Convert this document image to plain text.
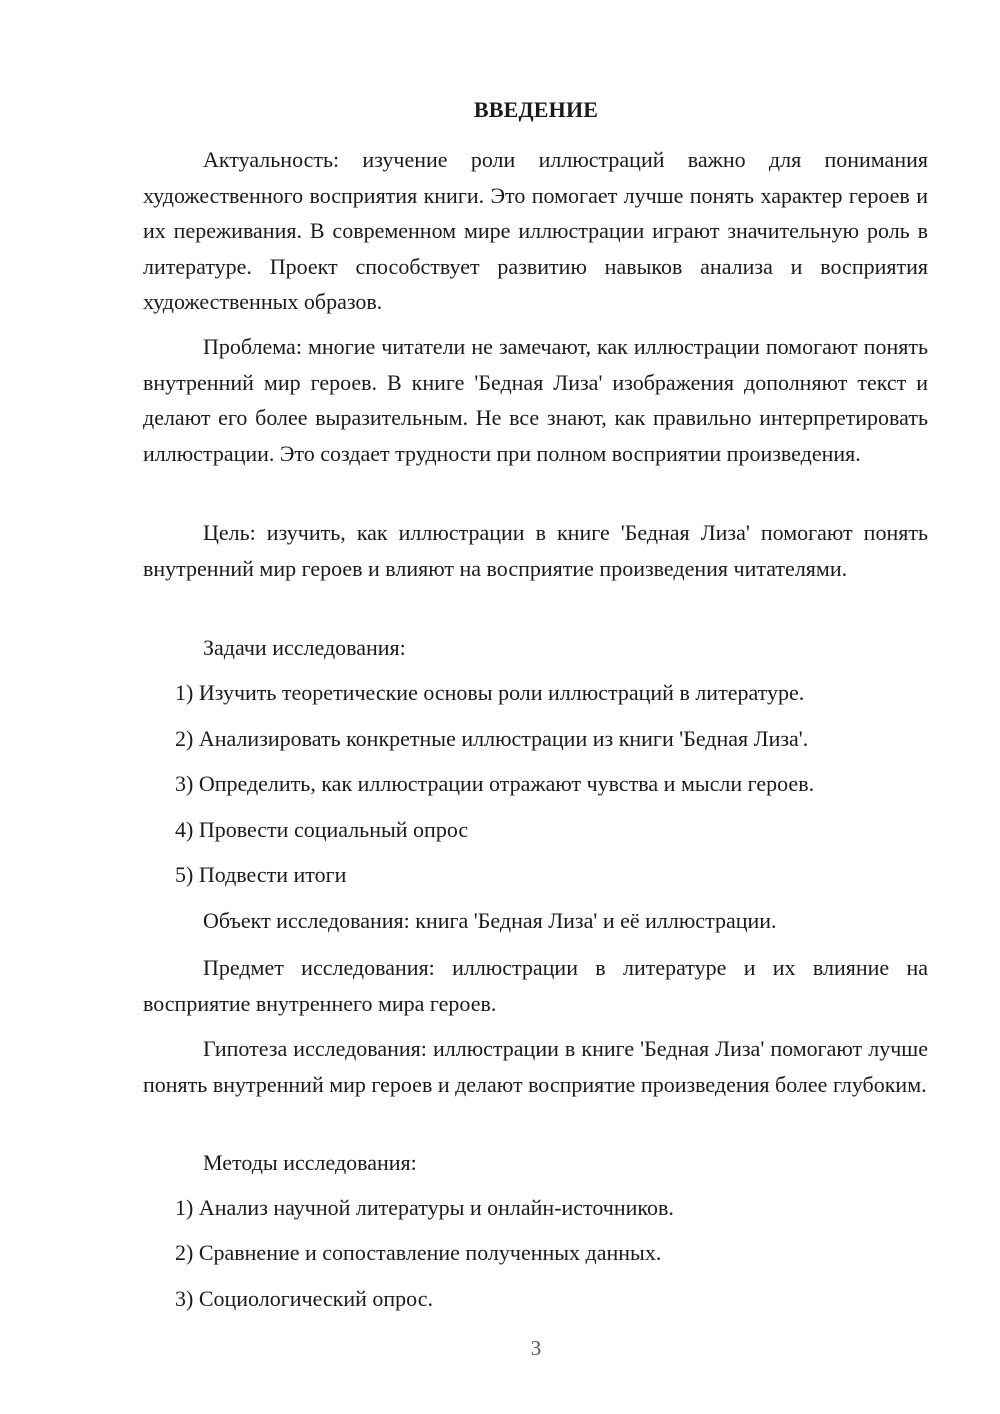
ВВЕДЕНИЕ

Актуальность: изучение роли иллюстраций важно для понимания художественного восприятия книги. Это помогает лучше понять характер героев и их переживания. В современном мире иллюстрации играют значительную роль в литературе. Проект способствует развитию навыков анализа и восприятия художественных образов.

Проблема: многие читатели не замечают, как иллюстрации помогают понять внутренний мир героев. В книге 'Бедная Лиза' изображения дополняют текст и делают его более выразительным. Не все знают, как правильно интерпретировать иллюстрации. Это создает трудности при полном восприятии произведения.

Цель: изучить, как иллюстрации в книге 'Бедная Лиза' помогают понять внутренний мир героев и влияют на восприятие произведения читателями.

Задачи исследования:
1) Изучить теоретические основы роли иллюстраций в литературе.
2) Анализировать конкретные иллюстрации из книги 'Бедная Лиза'.
3) Определить, как иллюстрации отражают чувства и мысли героев.
4) Провести социальный опрос
5) Подвести итоги
Объект исследования: книга 'Бедная Лиза' и её иллюстрации.

Предмет исследования: иллюстрации в литературе и их влияние на восприятие внутреннего мира героев.

Гипотеза исследования: иллюстрации в книге 'Бедная Лиза' помогают лучше понять внутренний мир героев и делают восприятие произведения более глубоким.

Методы исследования:
1) Анализ научной литературы и онлайн-источников.
2) Сравнение и сопоставление полученных данных.
3) Социологический опрос.
3
